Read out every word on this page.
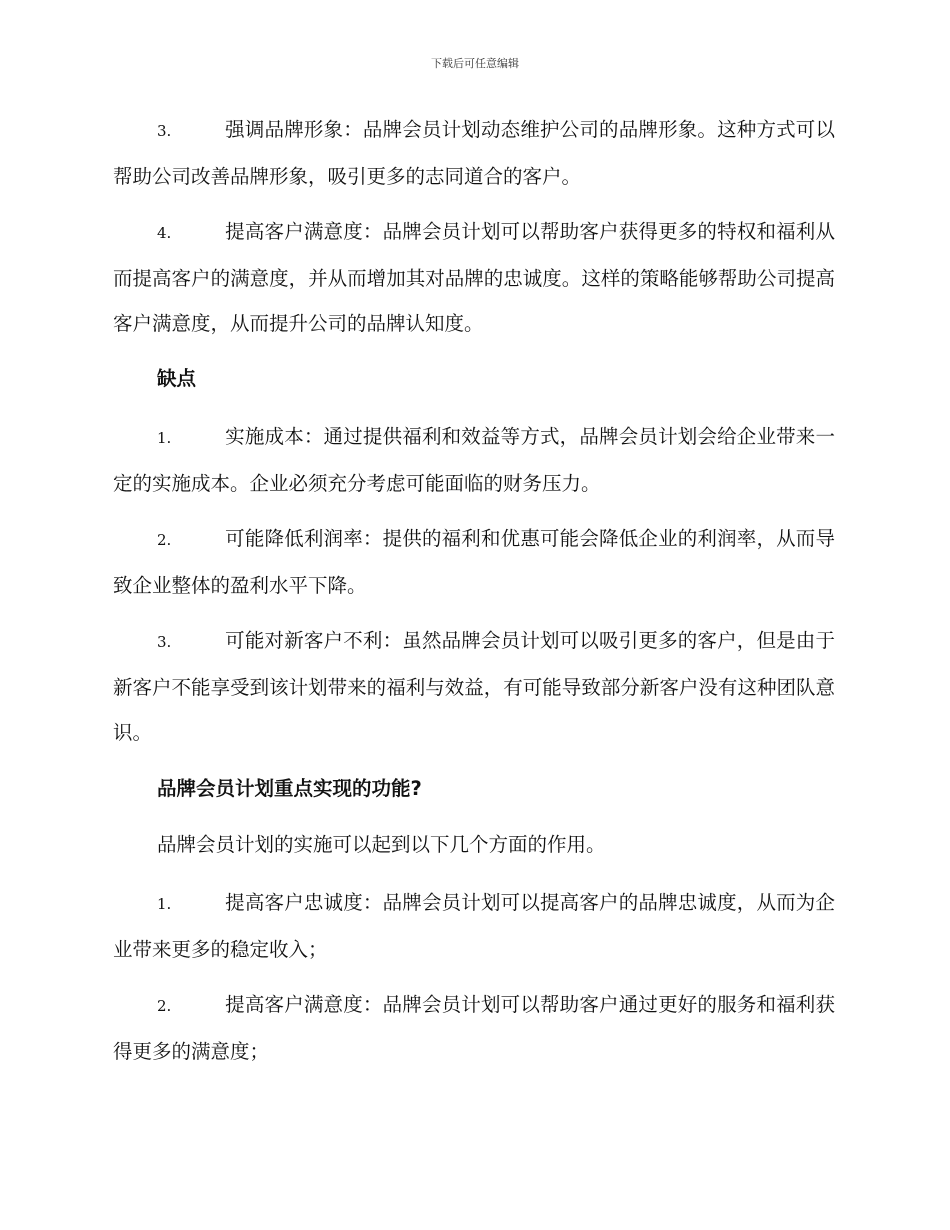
下载后可任意编辑

3.	强调品牌形象：品牌会员计划动态维护公司的品牌形象。这种方式可以帮助公司改善品牌形象，吸引更多的志同道合的客户。

4.	提高客户满意度：品牌会员计划可以帮助客户获得更多的特权和福利从而提高客户的满意度，并从而增加其对品牌的忠诚度。这样的策略能够帮助公司提高客户满意度，从而提升公司的品牌认知度。

缺点

1.	实施成本：通过提供福利和效益等方式，品牌会员计划会给企业带来一定的实施成本。企业必须充分考虑可能面临的财务压力。

2.	可能降低利润率：提供的福利和优惠可能会降低企业的利润率，从而导致企业整体的盈利水平下降。

3.	可能对新客户不利：虽然品牌会员计划可以吸引更多的客户，但是由于新客户不能享受到该计划带来的福利与效益，有可能导致部分新客户没有这种团队意识。

品牌会员计划重点实现的功能?

品牌会员计划的实施可以起到以下几个方面的作用。

1.	提高客户忠诚度：品牌会员计划可以提高客户的品牌忠诚度，从而为企业带来更多的稳定收入；

2.	提高客户满意度：品牌会员计划可以帮助客户通过更好的服务和福利获得更多的满意度；
